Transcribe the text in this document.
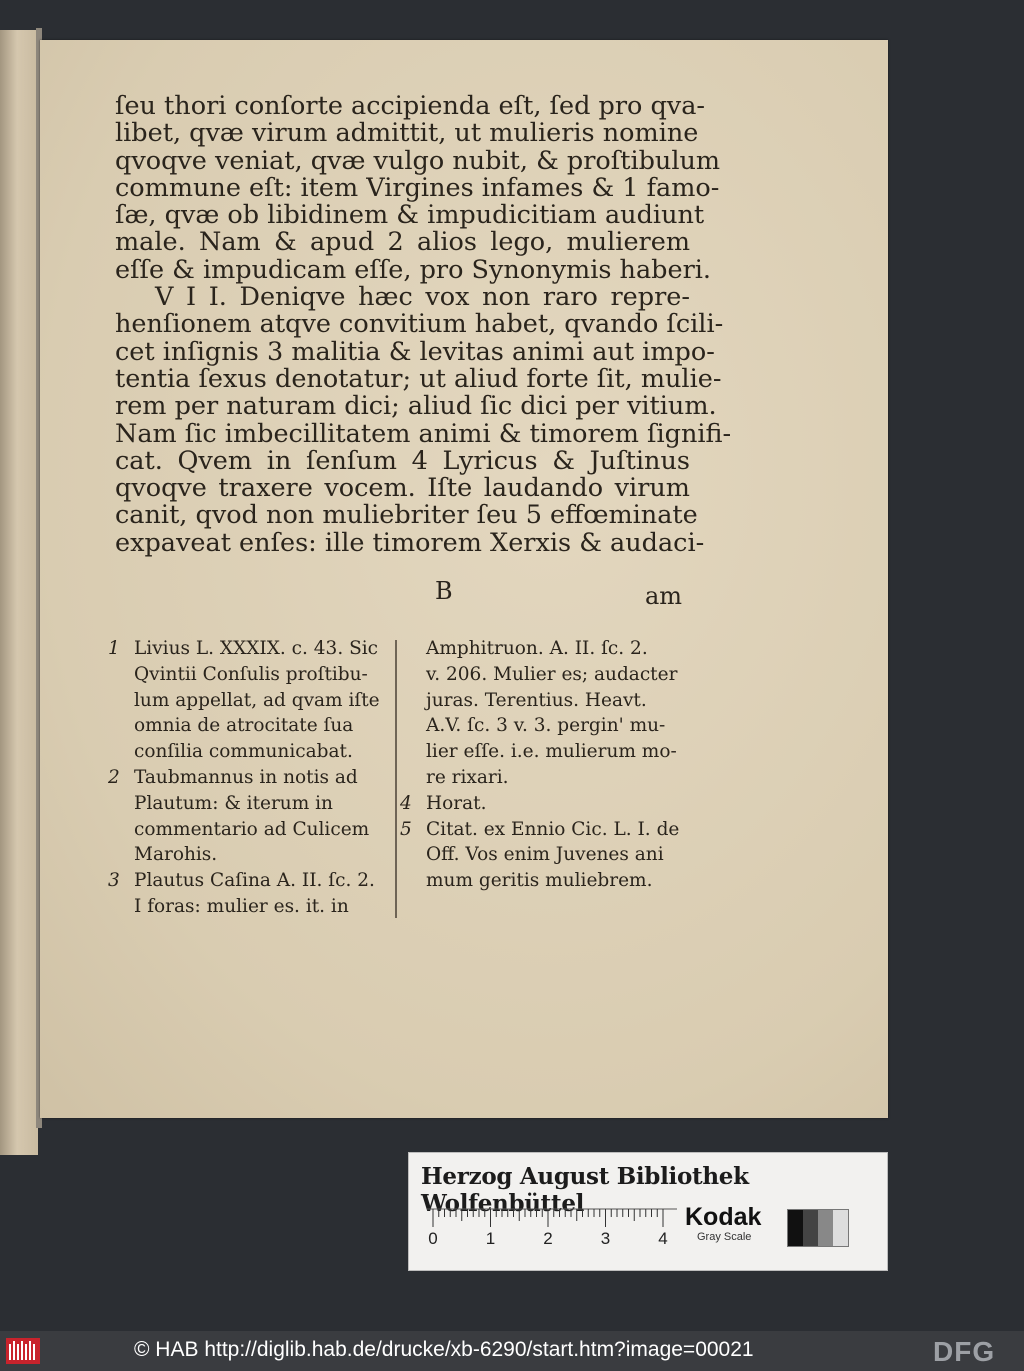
ſeu thori conſorte accipienda eſt, ſed pro qva-
libet, qvæ virum admittit, ut mulieris nomine
qvoqve veniat, qvæ vulgo nubit, & proſtibulum
commune eſt: item Virgines infames & 1 famo-
ſæ, qvæ ob libidinem & impudicitiam audiunt
male. Nam & apud 2 alios lego, mulierem
eſſe & impudicam eſſe, pro Synonymis haberi.
V I I. Deniqve hæc vox non raro repre-
henſionem atqve convitium habet, qvando ſcili-
cet inſignis 3 malitia & levitas animi aut impo-
tentia ſexus denotatur; ut aliud forte ſit, mulie-
rem per naturam dici; aliud ſic dici per vitium.
Nam ſic imbecillitatem animi & timorem ſignifi-
cat. Qvem in ſenſum 4 Lyricus & Juſtinus
qvoqve traxere vocem. Iſte laudando virum
canit, qvod non muliebriter ſeu 5 effœminate
expaveat enſes: ille timorem Xerxis & audaci-
B	am
1 Livius L. XXXIX. c. 43. Sic
Qvintii Conſulis proſtibu-
lum appellat, ad qvam iſte
omnia de atrocitate ſua
conſilia communicabat.
2 Taubmannus in notis ad
Plautum: & iterum in
commentario ad Culicem
Marohis.
3 Plautus Caſina A. II. ſc. 2.
I foras: mulier es. it. in
Amphitruon. A. II. ſc. 2.
v. 206. Mulier es; audacter
juras. Terentius. Heavt.
A.V. ſc. 3 v. 3. pergin' mu-
lier eſſe. i.e. mulierum mo-
re rixari.
4 Horat.
5 Citat. ex Ennio Cic. L. I. de
Off. Vos enim Juvenes ani
mum geritis muliebrem.
Herzog August Bibliothek Wolfenbüttel
0	1	2	3	4
Kodak
Gray Scale
© HAB http://diglib.hab.de/drucke/xb-6290/start.htm?image=00021	DFG
